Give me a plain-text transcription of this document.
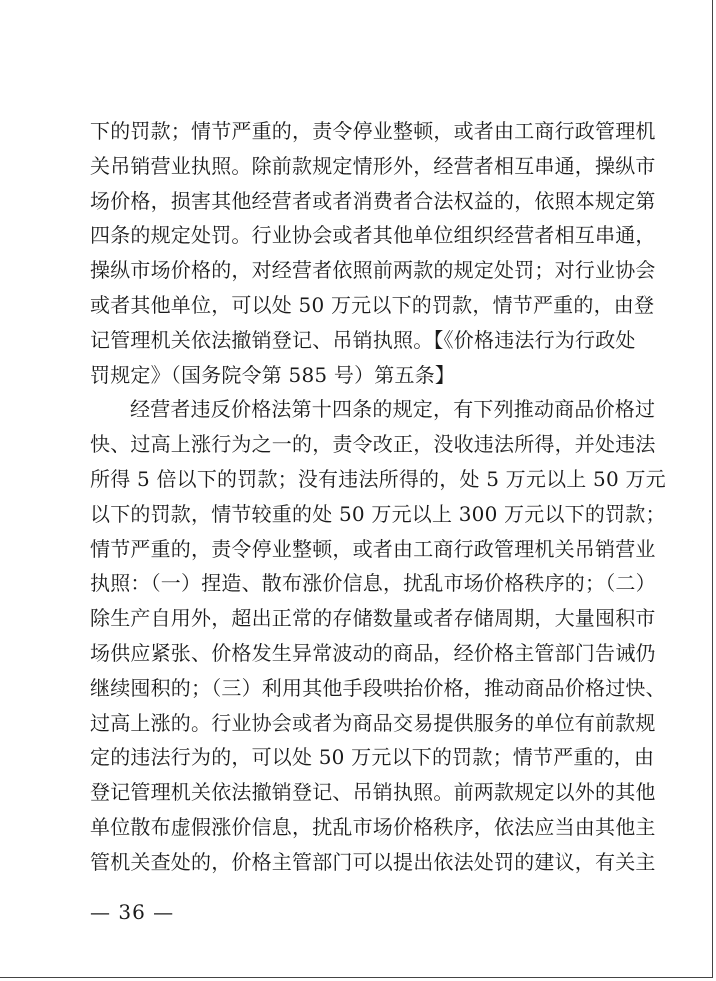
下的罚款；情节严重的，责令停业整顿，或者由工商行政管理机
关吊销营业执照。除前款规定情形外，经营者相互串通，操纵市
场价格，损害其他经营者或者消费者合法权益的，依照本规定第
四条的规定处罚。行业协会或者其他单位组织经营者相互串通，
操纵市场价格的，对经营者依照前两款的规定处罚；对行业协会
或者其他单位，可以处 50 万元以下的罚款，情节严重的，由登
记管理机关依法撤销登记、吊销执照。【《价格违法行为行政处
罚规定》（国务院令第 585 号）第五条】
经营者违反价格法第十四条的规定，有下列推动商品价格过
快、过高上涨行为之一的，责令改正，没收违法所得，并处违法
所得 5 倍以下的罚款；没有违法所得的，处 5 万元以上 50 万元
以下的罚款，情节较重的处 50 万元以上 300 万元以下的罚款；
情节严重的，责令停业整顿，或者由工商行政管理机关吊销营业
执照：（一）捏造、散布涨价信息，扰乱市场价格秩序的；（二）
除生产自用外，超出正常的存储数量或者存储周期，大量囤积市
场供应紧张、价格发生异常波动的商品，经价格主管部门告诫仍
继续囤积的；（三）利用其他手段哄抬价格，推动商品价格过快、
过高上涨的。行业协会或者为商品交易提供服务的单位有前款规
定的违法行为的，可以处 50 万元以下的罚款；情节严重的，由
登记管理机关依法撤销登记、吊销执照。前两款规定以外的其他
单位散布虚假涨价信息，扰乱市场价格秩序，依法应当由其他主
管机关查处的，价格主管部门可以提出依法处罚的建议，有关主
— 36 —
